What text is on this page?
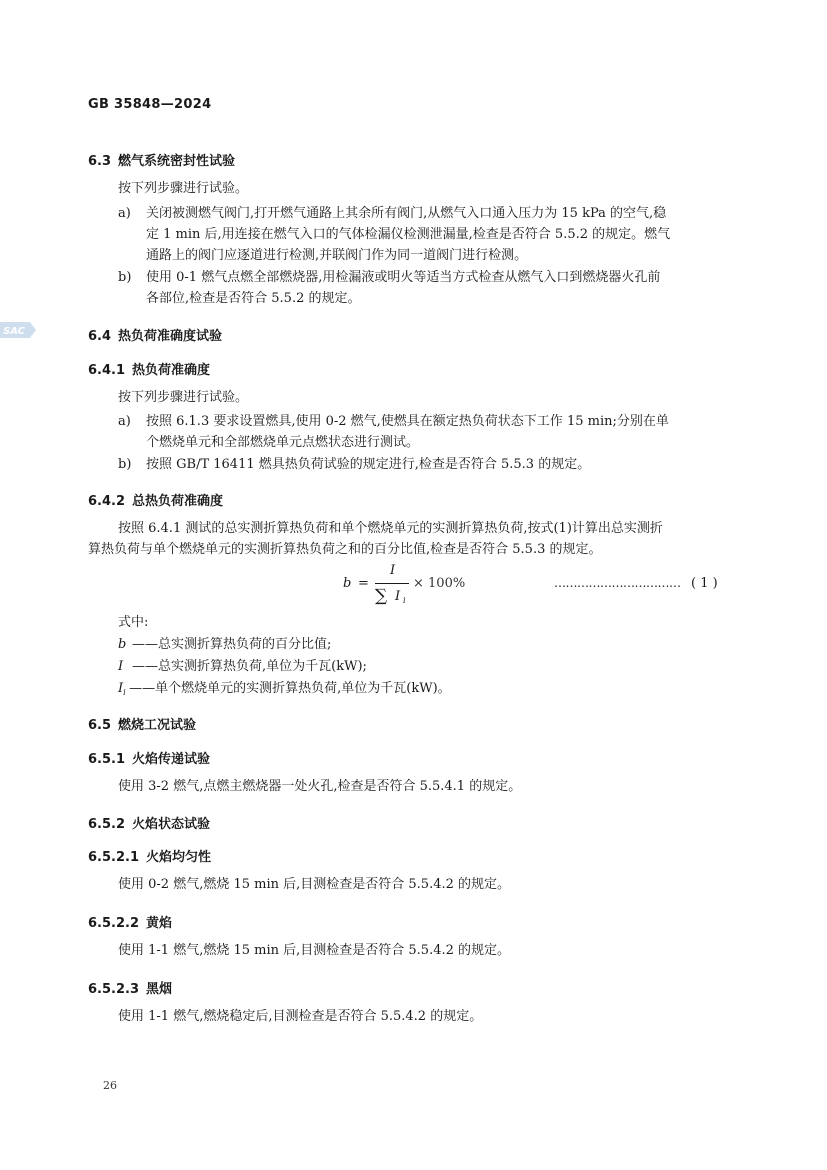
GB 35848—2024
SAC
6.3 燃气系统密封性试验
按下列步骤进行试验。
a) 关闭被测燃气阀门,打开燃气通路上其余所有阀门,从燃气入口通入压力为 15 kPa 的空气,稳
定 1 min 后,用连接在燃气入口的气体检漏仪检测泄漏量,检查是否符合 5.5.2 的规定。燃气
通路上的阀门应逐道进行检测,并联阀门作为同一道阀门进行检测。
b) 使用 0-1 燃气点燃全部燃烧器,用检漏液或明火等适当方式检查从燃气入口到燃烧器火孔前
各部位,检查是否符合 5.5.2 的规定。
6.4 热负荷准确度试验
6.4.1 热负荷准确度
按下列步骤进行试验。
a) 按照 6.1.3 要求设置燃具,使用 0-2 燃气,使燃具在额定热负荷状态下工作 15 min;分别在单
个燃烧单元和全部燃烧单元点燃状态进行测试。
b) 按照 GB/T 16411 燃具热负荷试验的规定进行,检查是否符合 5.5.3 的规定。
6.4.2 总热负荷准确度
按照 6.4.1 测试的总实测折算热负荷和单个燃烧单元的实测折算热负荷,按式(1)计算出总实测折
算热负荷与单个燃烧单元的实测折算热负荷之和的百分比值,检查是否符合 5.5.3 的规定。
b =
I
∑ I i
× 100%	…………………………… ( 1 )
式中:
b ——总实测折算热负荷的百分比值;
I ——总实测折算热负荷,单位为千瓦(kW);
Ii ——单个燃烧单元的实测折算热负荷,单位为千瓦(kW)。
6.5 燃烧工况试验
6.5.1 火焰传递试验
使用 3-2 燃气,点燃主燃烧器一处火孔,检查是否符合 5.5.4.1 的规定。
6.5.2 火焰状态试验
6.5.2.1 火焰均匀性
使用 0-2 燃气,燃烧 15 min 后,目测检查是否符合 5.5.4.2 的规定。
6.5.2.2 黄焰
使用 1-1 燃气,燃烧 15 min 后,目测检查是否符合 5.5.4.2 的规定。
6.5.2.3 黑烟
使用 1-1 燃气,燃烧稳定后,目测检查是否符合 5.5.4.2 的规定。
26
